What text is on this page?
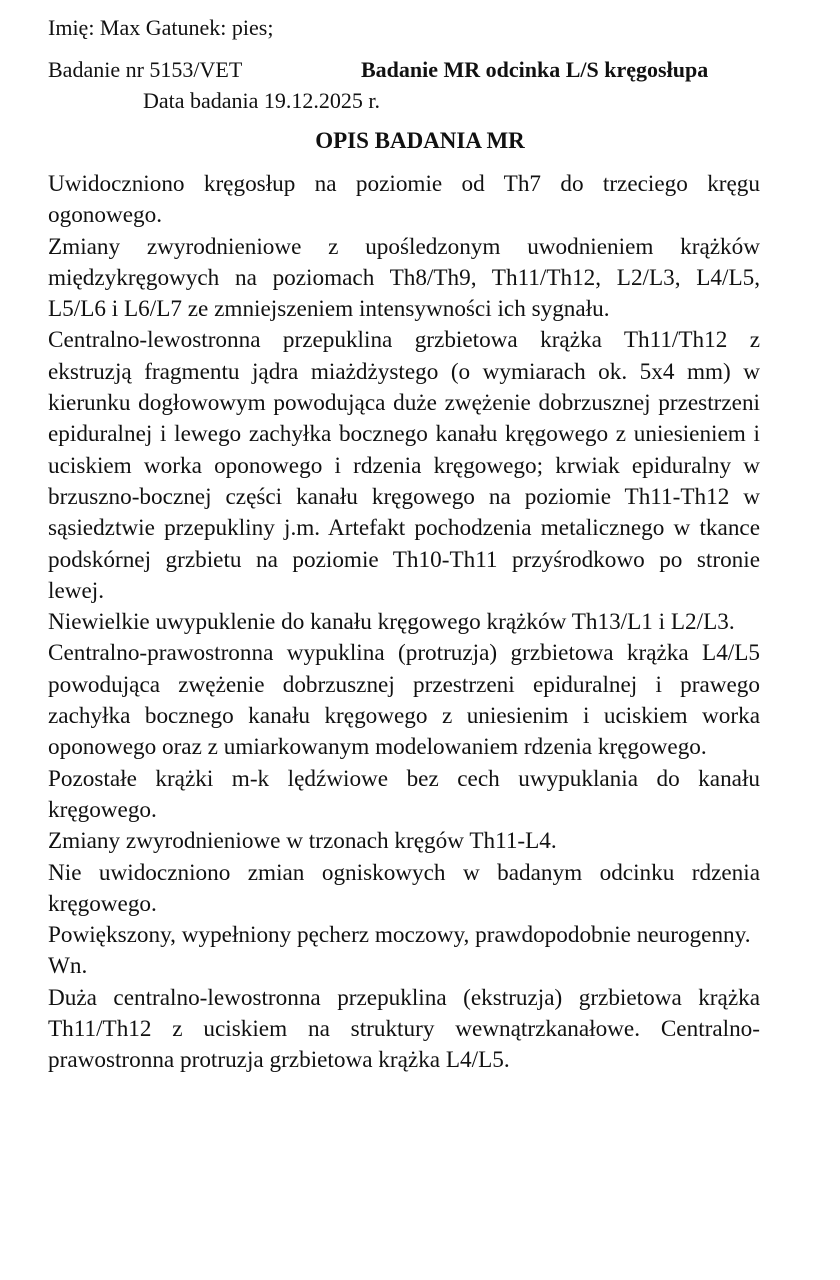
Imię: Max Gatunek: pies;
Badanie nr 5153/VET	Badanie MR odcinka L/S kręgosłupa
Data badania 19.12.2025 r.
OPIS BADANIA MR

Uwidoczniono kręgosłup na poziomie od Th7 do trzeciego kręgu ogonowego.

Zmiany zwyrodnieniowe z upośledzonym uwodnieniem krążków międzykręgowych na poziomach Th8/Th9, Th11/Th12, L2/L3, L4/L5, L5/L6 i L6/L7 ze zmniejszeniem intensywności ich sygnału.

Centralno-lewostronna przepuklina grzbietowa krążka Th11/Th12 z ekstruzją fragmentu jądra miażdżystego (o wymiarach ok. 5x4 mm) w kierunku dogłowowym powodująca duże zwężenie dobrzusznej przestrzeni epiduralnej i lewego zachyłka bocznego kanału kręgowego z uniesieniem i uciskiem worka oponowego i rdzenia kręgowego; krwiak epiduralny w brzuszno-bocznej części kanału kręgowego na poziomie Th11-Th12 w sąsiedztwie przepukliny j.m. Artefakt pochodzenia metalicznego w tkance podskórnej grzbietu na poziomie Th10-Th11 przyśrodkowo po stronie lewej.

Niewielkie uwypuklenie do kanału kręgowego krążków Th13/L1 i L2/L3.

Centralno-prawostronna wypuklina (protruzja) grzbietowa krążka L4/L5 powodująca zwężenie dobrzusznej przestrzeni epiduralnej i prawego zachyłka bocznego kanału kręgowego z uniesienim i uciskiem worka oponowego oraz z umiarkowanym modelowaniem rdzenia kręgowego.

Pozostałe krążki m-k lędźwiowe bez cech uwypuklania do kanału kręgowego.

Zmiany zwyrodnieniowe w trzonach kręgów Th11-L4.

Nie uwidoczniono zmian ogniskowych w badanym odcinku rdzenia kręgowego.

Powiększony, wypełniony pęcherz moczowy, prawdopodobnie neurogenny.

Wn.

Duża centralno-lewostronna przepuklina (ekstruzja) grzbietowa krążka Th11/Th12 z uciskiem na struktury wewnątrzkanałowe. Centralno-prawostronna protruzja grzbietowa krążka L4/L5.
